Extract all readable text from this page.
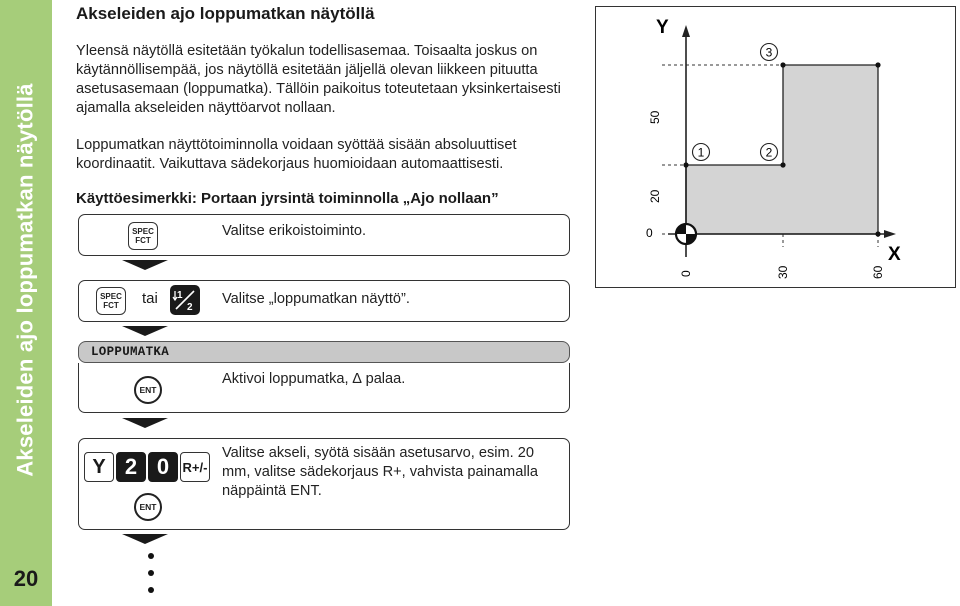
Akseleiden ajo loppumatkan näytöllä
20
Akseleiden ajo loppumatkan näytöllä
Yleensä näytöllä esitetään työkalun todellisasemaa. Toisaalta joskus on käytännöllisempää, jos näytöllä esitetään jäljellä olevan liikkeen pituutta asetusasemaan (loppumatka). Tällöin paikoitus toteutetaan yksinkertaisesti ajamalla akseleiden näyttöarvot nollaan.
Loppumatkan näyttötoiminnolla voidaan syöttää sisään absoluuttiset koordinaatit. Vaikuttava sädekorjaus huomioidaan automaattisesti.
Käyttöesimerkki: Portaan jyrsintä toiminnolla „Ajo nollaan”
SPEC
FCT
Valitse erikoistoiminto.
SPEC
FCT tai 1
2
Valitse „loppumatkan näyttö”.
LOPPUMATKA
ENT
Aktivoi loppumatka, ∆ palaa.
Y 2 0	R+/-
ENT
Valitse akseli, syötä sisään asetusarvo, esim. 20 mm, valitse sädekorjaus R+, vahvista painamalla näppäintä ENT.
Y
X
0
20
50
0	30	60
1	2
3
